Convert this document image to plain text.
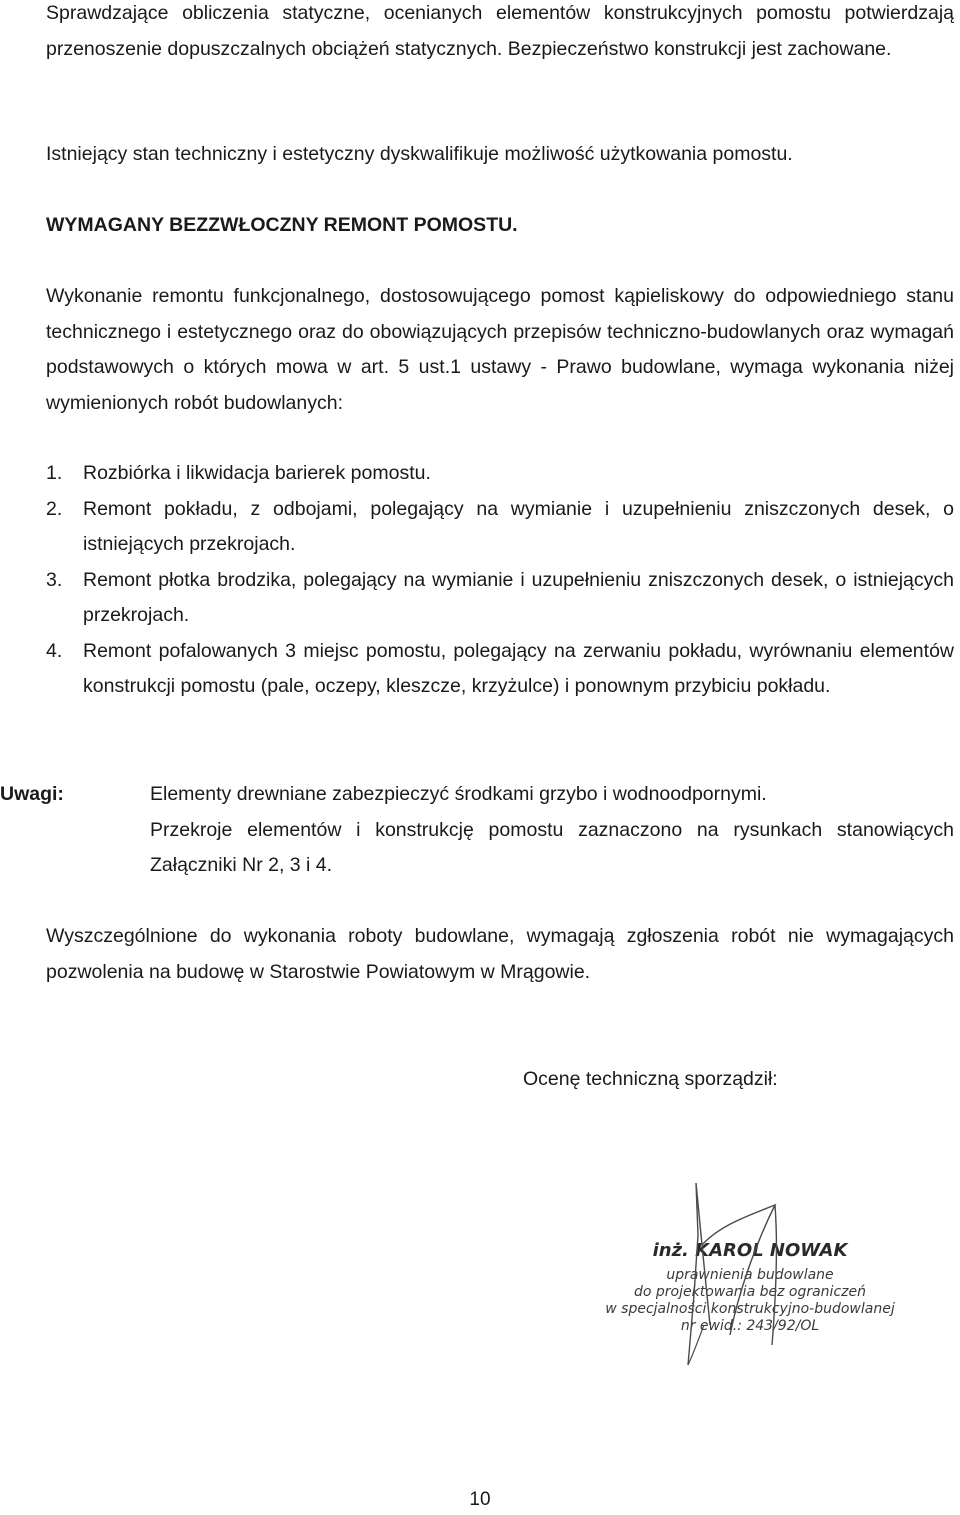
Sprawdzające obliczenia statyczne, ocenianych elementów konstrukcyjnych pomostu potwierdzają przenoszenie dopuszczalnych obciążeń statycznych. Bezpieczeństwo konstrukcji jest zachowane.

Istniejący stan techniczny i estetyczny dyskwalifikuje możliwość użytkowania pomostu.

WYMAGANY BEZZWŁOCZNY REMONT POMOSTU.

Wykonanie remontu funkcjonalnego, dostosowującego pomost kąpieliskowy do odpowiedniego stanu technicznego i estetycznego oraz do obowiązujących przepisów techniczno-budowlanych oraz wymagań podstawowych o których mowa w art. 5 ust.1 ustawy - Prawo budowlane, wymaga wykonania niżej wymienionych robót budowlanych:

1. Rozbiórka i likwidacja barierek pomostu.
2. Remont pokładu, z odbojami, polegający na wymianie i uzupełnieniu zniszczonych desek, o istniejących przekrojach.
3. Remont płotka brodzika, polegający na wymianie i uzupełnieniu zniszczonych desek, o istniejących przekrojach.
4. Remont pofalowanych 3 miejsc pomostu, polegający na zerwaniu pokładu, wyrównaniu elementów konstrukcji pomostu (pale, oczepy, kleszcze, krzyżulce) i ponownym przybiciu pokładu.
Uwagi:	Elementy drewniane zabezpieczyć środkami grzybo i wodnoodpornymi.

Przekroje elementów i konstrukcję pomostu zaznaczono na rysunkach stanowiących Załączniki Nr 2, 3 i 4.

Wyszczególnione do wykonania roboty budowlane, wymagają zgłoszenia robót nie wymagających pozwolenia na budowę w Starostwie Powiatowym w Mrągowie.

Ocenę techniczną sporządził:
inż. KAROL NOWAK
uprawnienia budowlane
do projektowania bez ograniczeń
w specjalności konstrukcyjno-budowlanej
nr ewid.: 243/92/OL
10
